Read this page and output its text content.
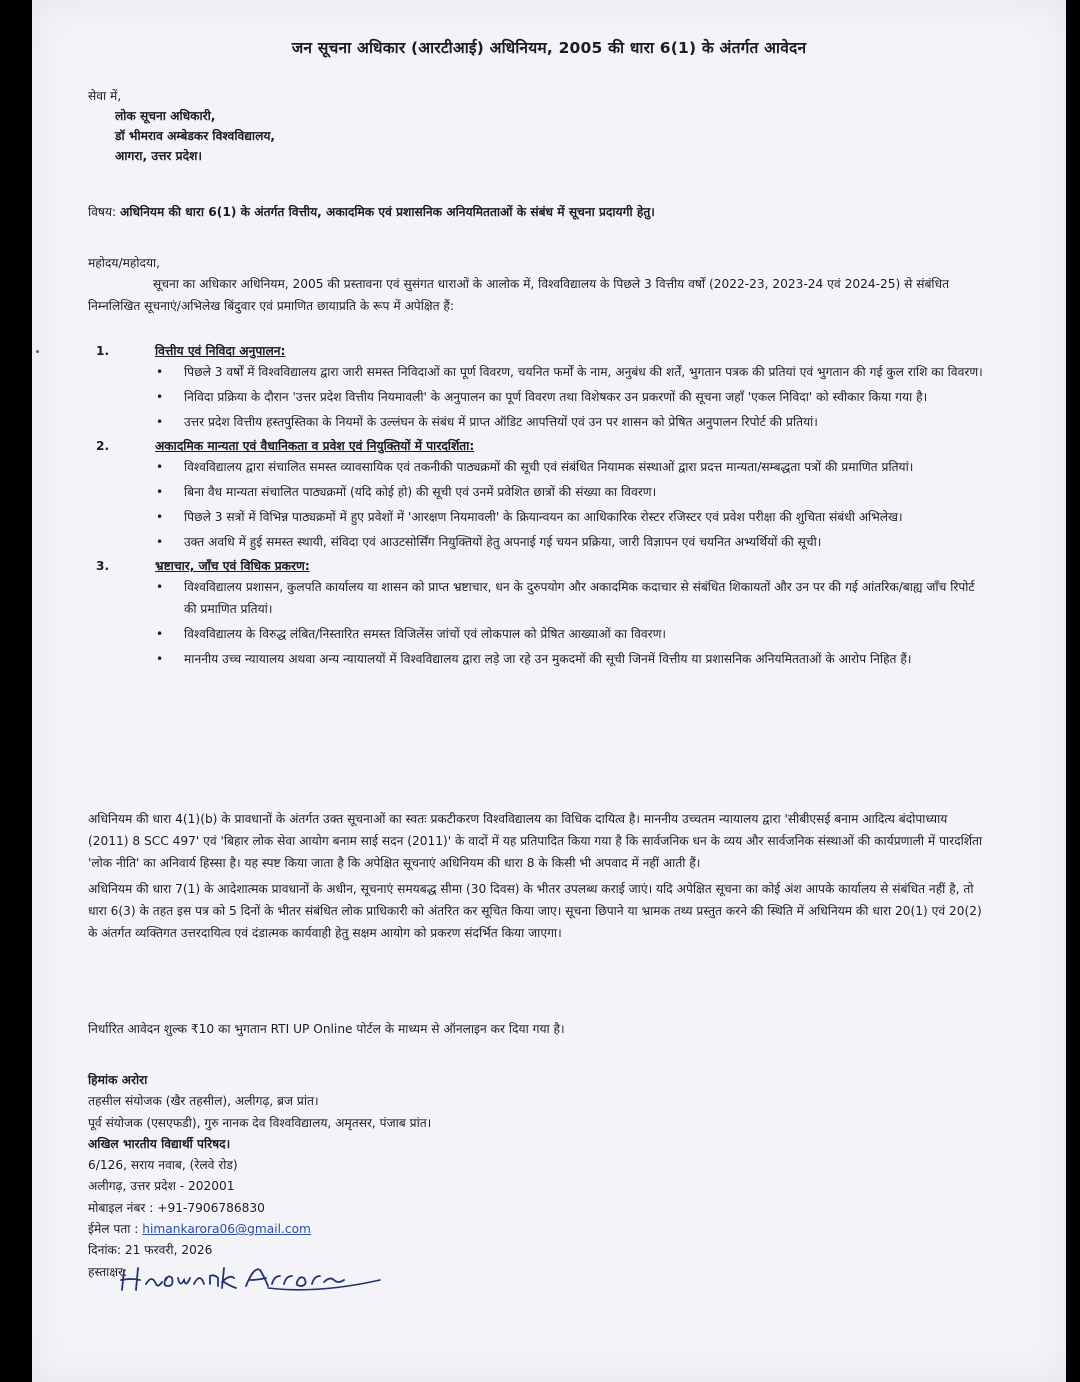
जन सूचना अधिकार (आरटीआई) अधिनियम, 2005 की धारा 6(1) के अंतर्गत आवेदन
सेवा में,
लोक सूचना अधिकारी,
डॉ भीमराव अम्बेडकर विश्वविद्यालय,
आगरा, उत्तर प्रदेश।
विषय: अधिनियम की धारा 6(1) के अंतर्गत वित्तीय, अकादमिक एवं प्रशासनिक अनियमितताओं के संबंध में सूचना प्रदायगी हेतु।
महोदय/महोदया,

सूचना का अधिकार अधिनियम, 2005 की प्रस्तावना एवं सुसंगत धाराओं के आलोक में, विश्वविद्यालय के पिछले 3 वित्तीय वर्षों (2022-23, 2023-24 एवं 2024-25) से संबंधित निम्नलिखित सूचनाएं/अभिलेख बिंदुवार एवं प्रमाणित छायाप्रति के रूप में अपेक्षित हैं:

1.	वित्तीय एवं निविदा अनुपालन:
• पिछले 3 वर्षों में विश्वविद्यालय द्वारा जारी समस्त निविदाओं का पूर्ण विवरण, चयनित फर्मों के नाम, अनुबंध की शर्तें, भुगतान पत्रक की प्रतियां एवं भुगतान की गई कुल राशि का विवरण।
• निविदा प्रक्रिया के दौरान 'उत्तर प्रदेश वित्तीय नियमावली' के अनुपालन का पूर्ण विवरण तथा विशेषकर उन प्रकरणों की सूचना जहाँ 'एकल निविदा' को स्वीकार किया गया है।
• उत्तर प्रदेश वित्तीय हस्तपुस्तिका के नियमों के उल्लंघन के संबंध में प्राप्त ऑडिट आपत्तियों एवं उन पर शासन को प्रेषित अनुपालन रिपोर्ट की प्रतियां।
2.	अकादमिक मान्यता एवं वैधानिकता व प्रवेश एवं नियुक्तियों में पारदर्शिता:
• विश्वविद्यालय द्वारा संचालित समस्त व्यावसायिक एवं तकनीकी पाठ्यक्रमों की सूची एवं संबंधित नियामक संस्थाओं द्वारा प्रदत्त मान्यता/सम्बद्धता पत्रों की प्रमाणित प्रतियां।
• बिना वैध मान्यता संचालित पाठ्यक्रमों (यदि कोई हो) की सूची एवं उनमें प्रवेशित छात्रों की संख्या का विवरण।
• पिछले 3 सत्रों में विभिन्न पाठ्यक्रमों में हुए प्रवेशों में 'आरक्षण नियमावली' के क्रियान्वयन का आधिकारिक रोस्टर रजिस्टर एवं प्रवेश परीक्षा की शुचिता संबंधी अभिलेख।
• उक्त अवधि में हुई समस्त स्थायी, संविदा एवं आउटसोर्सिंग नियुक्तियों हेतु अपनाई गई चयन प्रक्रिया, जारी विज्ञापन एवं चयनित अभ्यर्थियों की सूची।
3.	भ्रष्टाचार, जाँच एवं विधिक प्रकरण:
• विश्वविद्यालय प्रशासन, कुलपति कार्यालय या शासन को प्राप्त भ्रष्टाचार, धन के दुरुपयोग और अकादमिक कदाचार से संबंधित शिकायतों और उन पर की गई आंतरिक/बाह्य जाँच रिपोर्ट की प्रमाणित प्रतियां।
• विश्वविद्यालय के विरुद्ध लंबित/निस्तारित समस्त विजिलेंस जांचों एवं लोकपाल को प्रेषित आख्याओं का विवरण।
• माननीय उच्च न्यायालय अथवा अन्य न्यायालयों में विश्वविद्यालय द्वारा लड़े जा रहे उन मुकदमों की सूची जिनमें वित्तीय या प्रशासनिक अनियमितताओं के आरोप निहित हैं।

अधिनियम की धारा 4(1)(b) के प्रावधानों के अंतर्गत उक्त सूचनाओं का स्वतः प्रकटीकरण विश्वविद्यालय का विधिक दायित्व है। माननीय उच्चतम न्यायालय द्वारा 'सीबीएसई बनाम आदित्य बंदोपाध्याय (2011) 8 SCC 497' एवं 'बिहार लोक सेवा आयोग बनाम साई सदन (2011)' के वादों में यह प्रतिपादित किया गया है कि सार्वजनिक धन के व्यय और सार्वजनिक संस्थाओं की कार्यप्रणाली में पारदर्शिता 'लोक नीति' का अनिवार्य हिस्सा है। यह स्पष्ट किया जाता है कि अपेक्षित सूचनाएं अधिनियम की धारा 8 के किसी भी अपवाद में नहीं आती हैं।

अधिनियम की धारा 7(1) के आदेशात्मक प्रावधानों के अधीन, सूचनाएं समयबद्ध सीमा (30 दिवस) के भीतर उपलब्ध कराई जाएं। यदि अपेक्षित सूचना का कोई अंश आपके कार्यालय से संबंधित नहीं है, तो धारा 6(3) के तहत इस पत्र को 5 दिनों के भीतर संबंधित लोक प्राधिकारी को अंतरित कर सूचित किया जाए। सूचना छिपाने या भ्रामक तथ्य प्रस्तुत करने की स्थिति में अधिनियम की धारा 20(1) एवं 20(2) के अंतर्गत व्यक्तिगत उत्तरदायित्व एवं दंडात्मक कार्यवाही हेतु सक्षम आयोग को प्रकरण संदर्भित किया जाएगा।

निर्धारित आवेदन शुल्क ₹10 का भुगतान RTI UP Online पोर्टल के माध्यम से ऑनलाइन कर दिया गया है।
हिमांक अरोरा
तहसील संयोजक (खैर तहसील), अलीगढ़, ब्रज प्रांत।
पूर्व संयोजक (एसएफडी), गुरु नानक देव विश्वविद्यालय, अमृतसर, पंजाब प्रांत।
अखिल भारतीय विद्यार्थी परिषद।
6/126, सराय नवाब, (रेलवे रोड)
अलीगढ़, उत्तर प्रदेश - 202001
मोबाइल नंबर : +91-7906786830
ईमेल पता : himankarora06@gmail.com
दिनांक: 21 फरवरी, 2026
हस्ताक्षर:
